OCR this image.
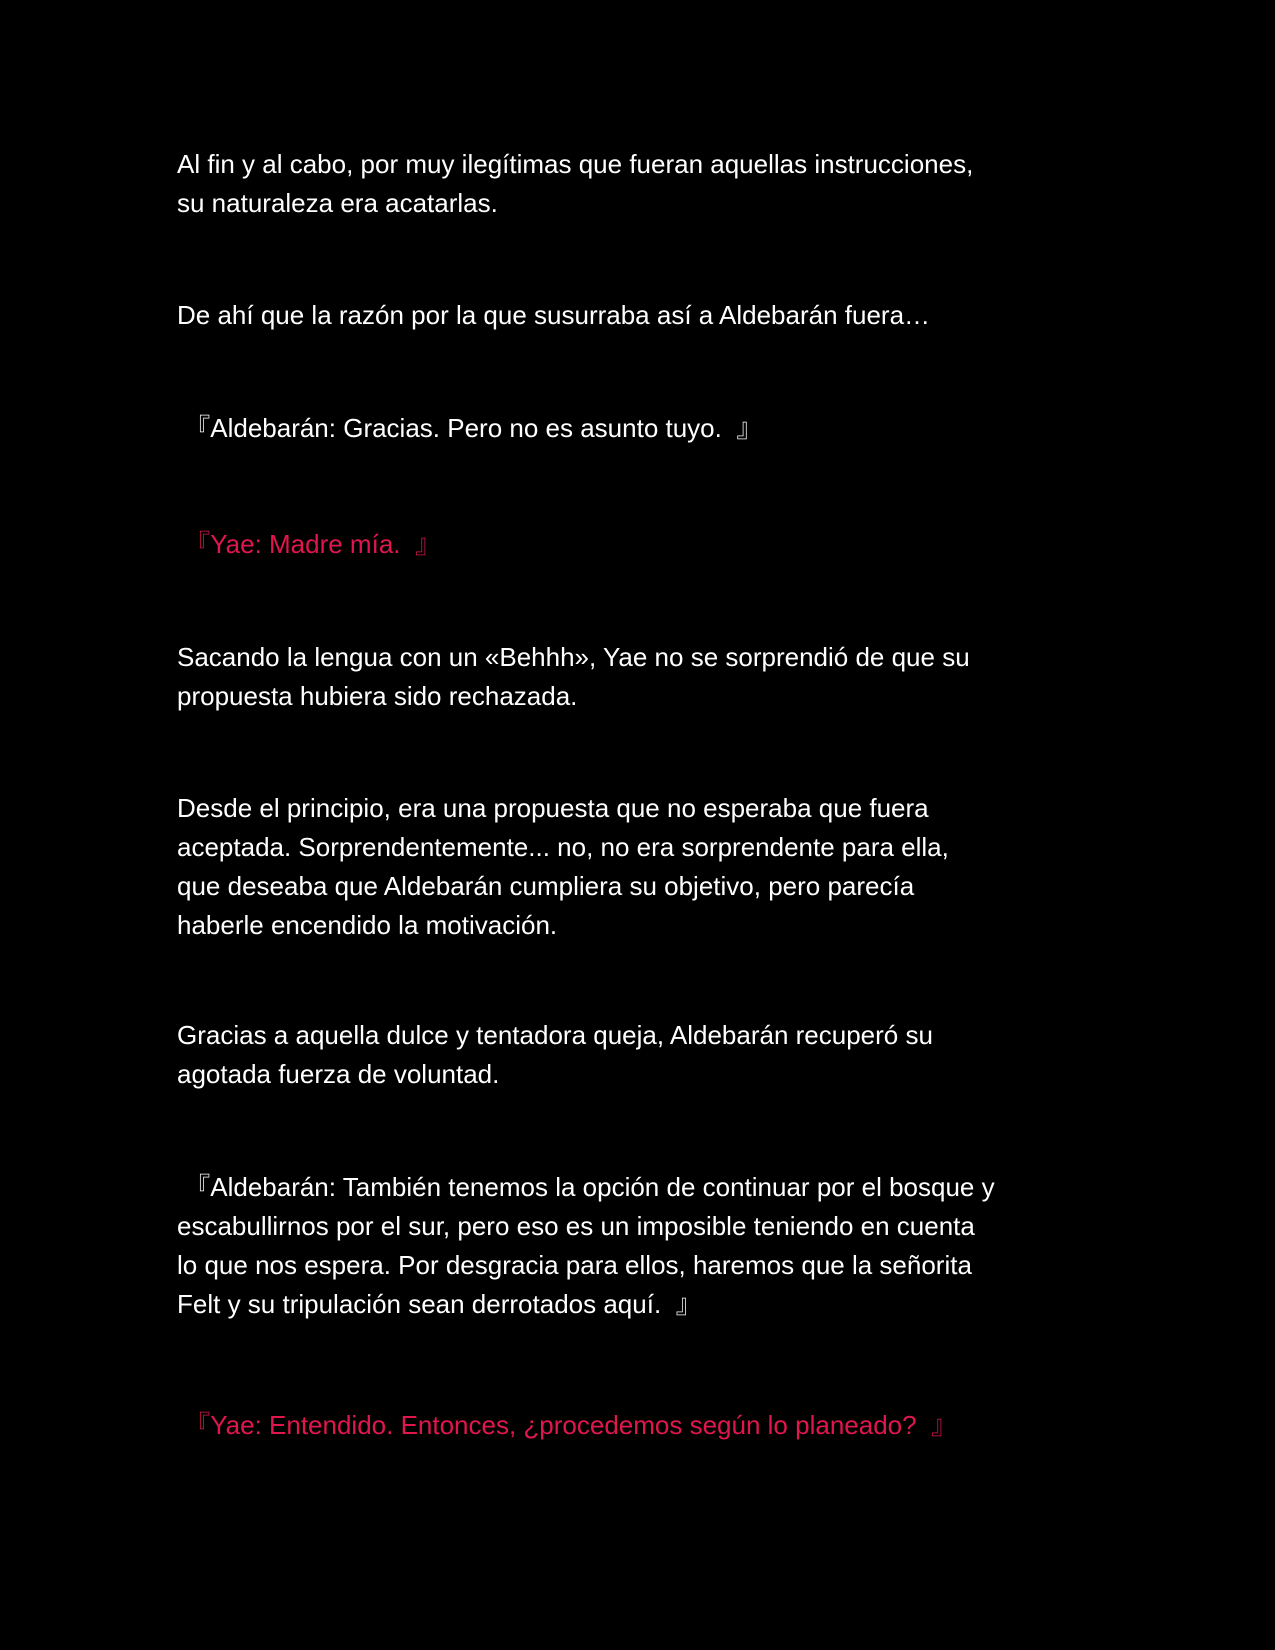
Al fin y al cabo, por muy ilegítimas que fueran aquellas instrucciones,
su naturaleza era acatarlas.

De ahí que la razón por la que susurraba así a Aldebarán fuera…

『Aldebarán: Gracias. Pero no es asunto tuyo.  』

『Yae: Madre mía.  』

Sacando la lengua con un «Behhh», Yae no se sorprendió de que su
propuesta hubiera sido rechazada.

Desde el principio, era una propuesta que no esperaba que fuera
aceptada. Sorprendentemente... no, no era sorprendente para ella,
que deseaba que Aldebarán cumpliera su objetivo, pero parecía
haberle encendido la motivación.

Gracias a aquella dulce y tentadora queja, Aldebarán recuperó su
agotada fuerza de voluntad.

『Aldebarán: También tenemos la opción de continuar por el bosque y
escabullirnos por el sur, pero eso es un imposible teniendo en cuenta
lo que nos espera. Por desgracia para ellos, haremos que la señorita
Felt y su tripulación sean derrotados aquí.  』

『Yae: Entendido. Entonces, ¿procedemos según lo planeado?  』
